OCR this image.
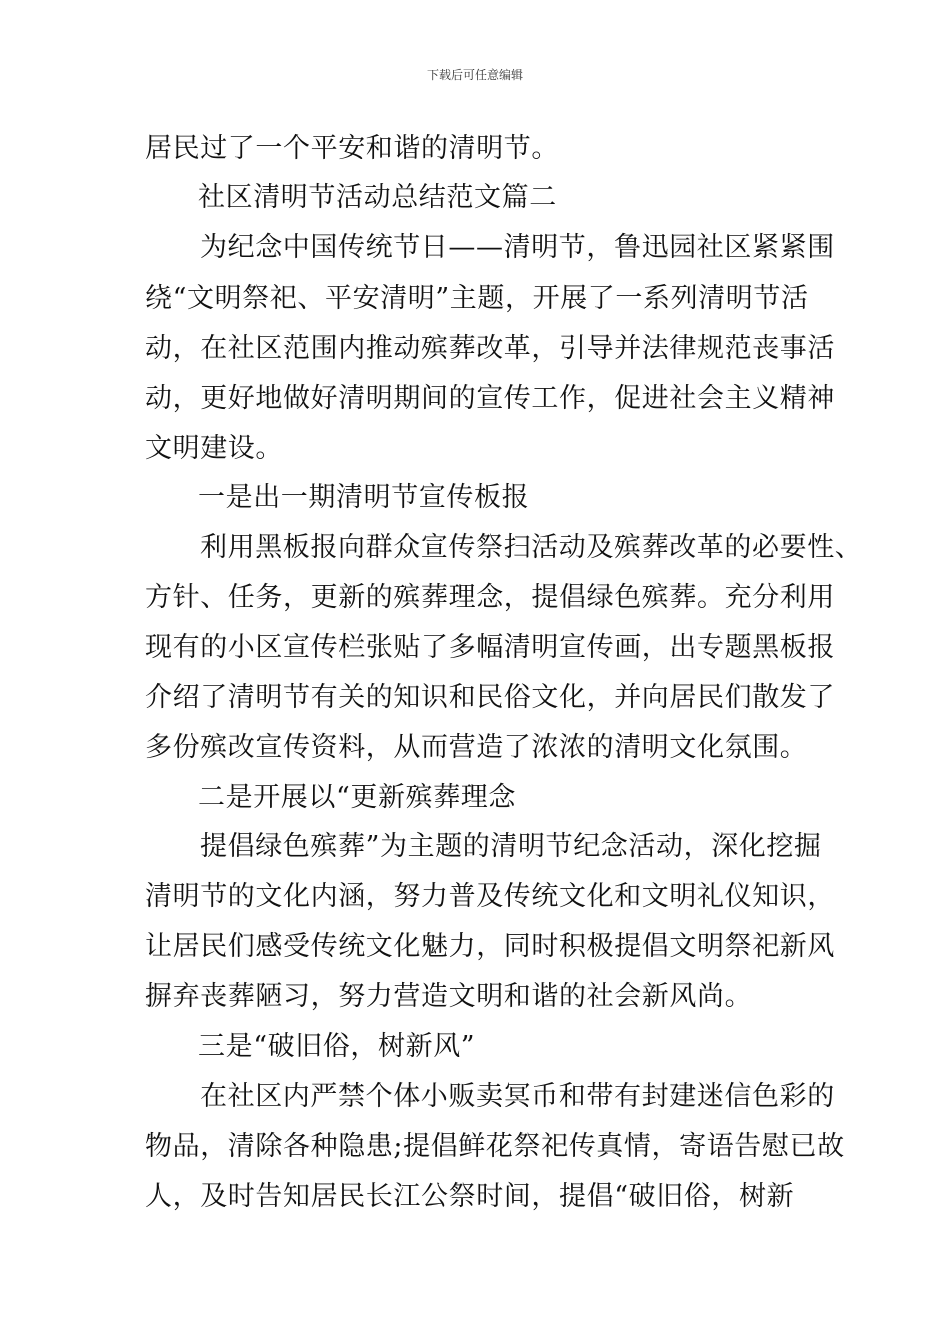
下载后可任意编辑
居民过了一个平安和谐的清明节。
社区清明节活动总结范文篇二
为纪念中国传统节日——清明节，鲁迅园社区紧紧围
绕“文明祭祀、平安清明”主题，开展了一系列清明节活
动，在社区范围内推动殡葬改革，引导并法律规范丧事活
动，更好地做好清明期间的宣传工作，促进社会主义精神
文明建设。
一是出一期清明节宣传板报
利用黑板报向群众宣传祭扫活动及殡葬改革的必要性、
方针、任务，更新的殡葬理念，提倡绿色殡葬。充分利用
现有的小区宣传栏张贴了多幅清明宣传画，出专题黑板报
介绍了清明节有关的知识和民俗文化，并向居民们散发了
多份殡改宣传资料，从而营造了浓浓的清明文化氛围。
二是开展以“更新殡葬理念
提倡绿色殡葬”为主题的清明节纪念活动，深化挖掘
清明节的文化内涵，努力普及传统文化和文明礼仪知识，
让居民们感受传统文化魅力，同时积极提倡文明祭祀新风
摒弃丧葬陋习，努力营造文明和谐的社会新风尚。
三是“破旧俗，树新风”
在社区内严禁个体小贩卖冥币和带有封建迷信色彩的
物品，清除各种隐患;提倡鲜花祭祀传真情，寄语告慰已故
人，及时告知居民长江公祭时间，提倡“破旧俗，树新
